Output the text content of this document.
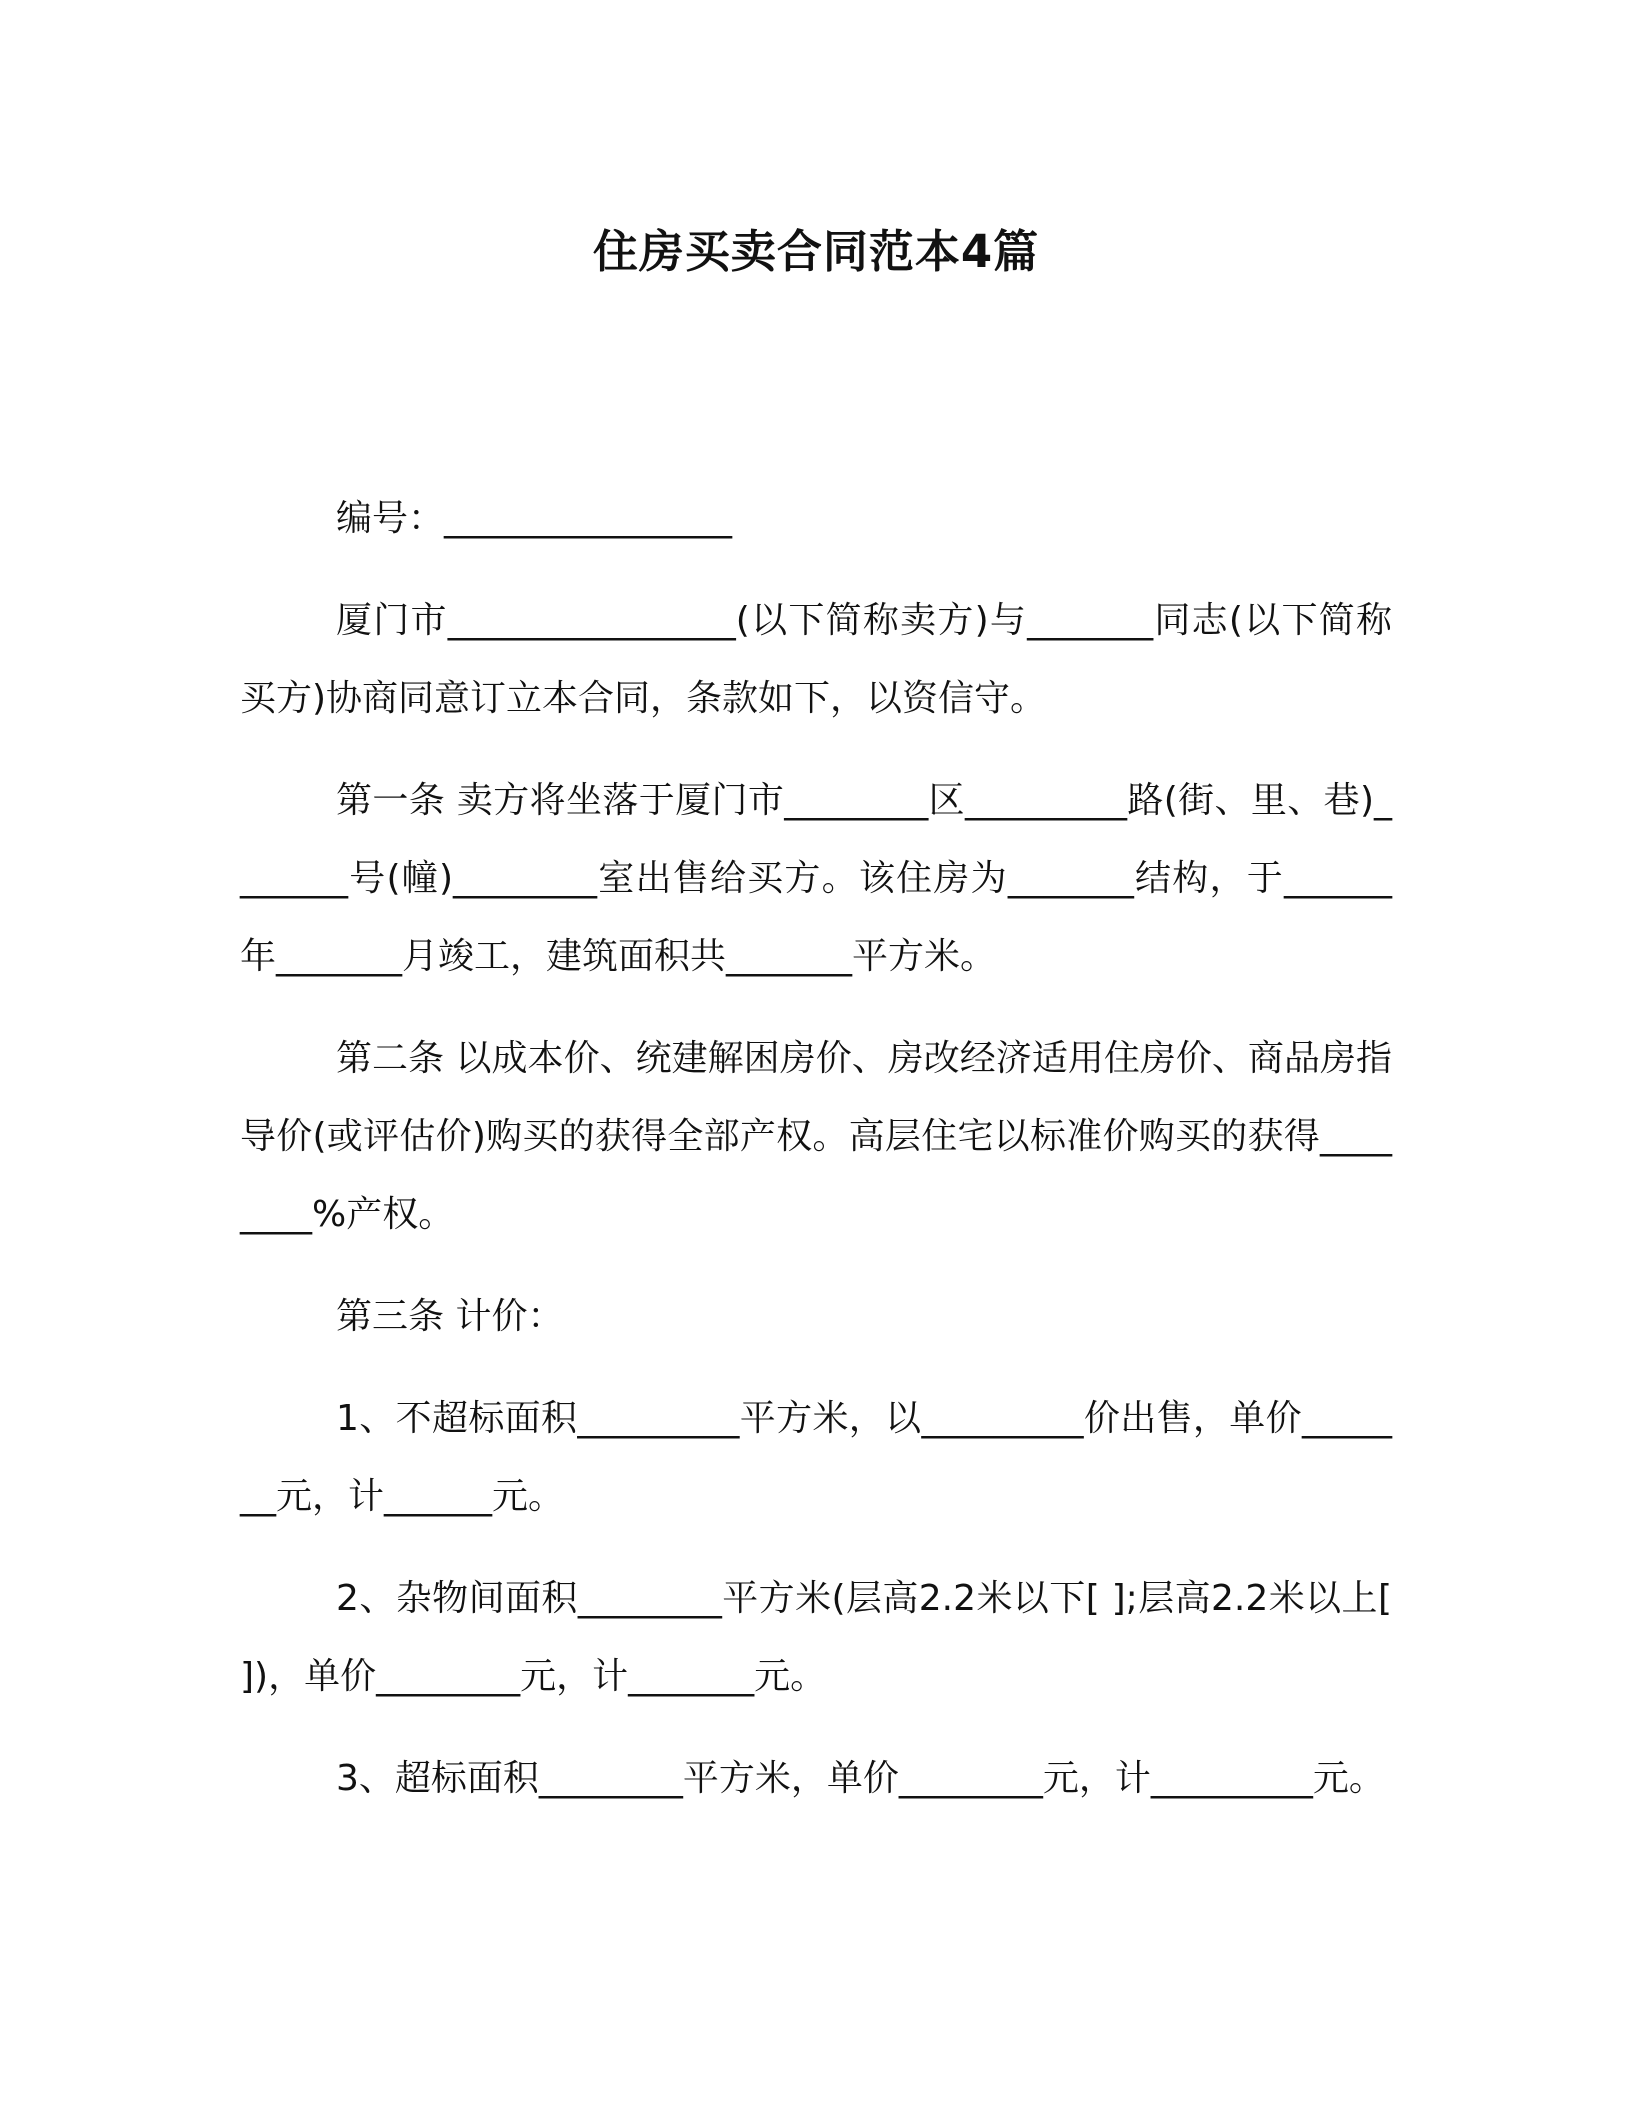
住房买卖合同范本4篇

编号：________________

厦门市________________(以下简称卖方)与_______同志(以下简称买方)协商同意订立本合同，条款如下，以资信守。

第一条 卖方将坐落于厦门市________区_________路(街、里、巷)_______号(幢)________室出售给买方。该住房为_______结构，于______年_______月竣工，建筑面积共_______平方米。

第二条 以成本价、统建解困房价、房改经济适用住房价、商品房指导价(或评估价)购买的获得全部产权。高层住宅以标准价购买的获得________%产权。

第三条 计价：

1、不超标面积_________平方米，以_________价出售，单价_______元，计______元。

2、杂物间面积________平方米(层高2.2米以下[ ];层高2.2米以上[ ])，单价________元，计_______元。

3、超标面积________平方米，单价________元，计_________元。
